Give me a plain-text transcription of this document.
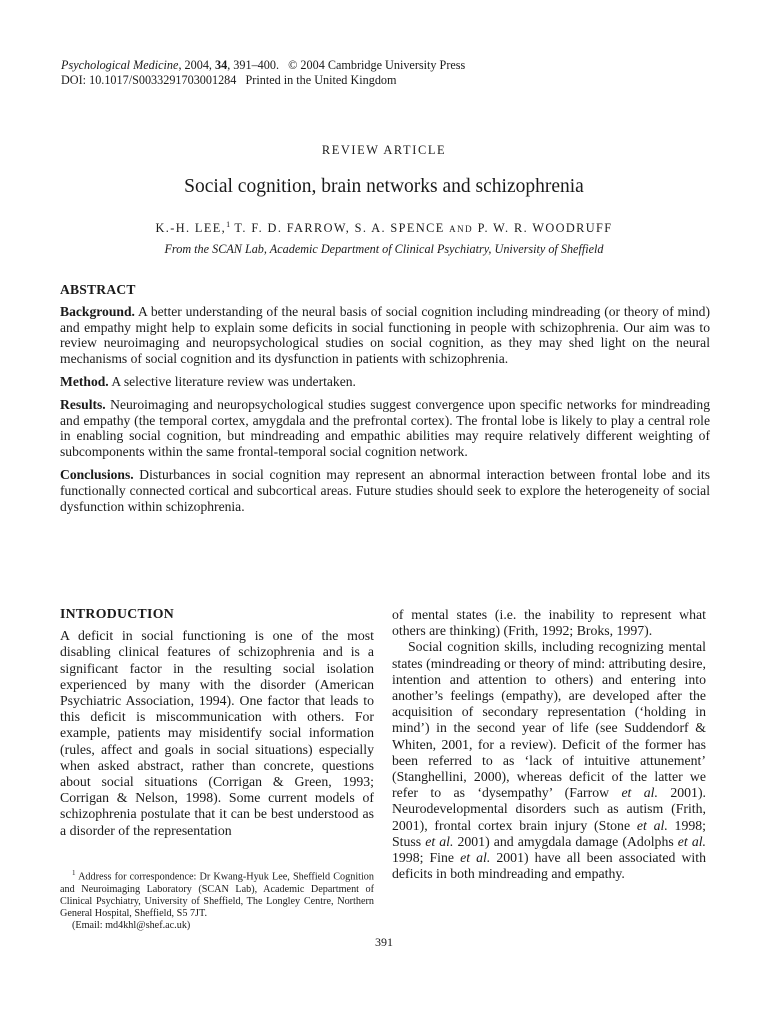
Psychological Medicine, 2004, 34, 391–400. © 2004 Cambridge University Press
DOI: 10.1017/S0033291703001284 Printed in the United Kingdom
REVIEW ARTICLE
Social cognition, brain networks and schizophrenia
K.-H. LEE,$^1$ T. F. D. FARROW, S. A. SPENCE AND P. W. R. WOODRUFF
From the SCAN Lab, Academic Department of Clinical Psychiatry, University of Sheffield
ABSTRACT

Background. A better understanding of the neural basis of social cognition including mindreading (or theory of mind) and empathy might help to explain some deficits in social functioning in people with schizophrenia. Our aim was to review neuroimaging and neuropsychological studies on social cognition, as they may shed light on the neural mechanisms of social cognition and its dysfunction in patients with schizophrenia.

Method. A selective literature review was undertaken.

Results. Neuroimaging and neuropsychological studies suggest convergence upon specific networks for mindreading and empathy (the temporal cortex, amygdala and the prefrontal cortex). The frontal lobe is likely to play a central role in enabling social cognition, but mindreading and empathic abilities may require relatively different weighting of subcomponents within the same frontal-temporal social cognition network.

Conclusions. Disturbances in social cognition may represent an abnormal interaction between frontal lobe and its functionally connected cortical and subcortical areas. Future studies should seek to explore the heterogeneity of social dysfunction within schizophrenia.

INTRODUCTION

A deficit in social functioning is one of the most disabling clinical features of schizophrenia and is a significant factor in the resulting social isolation experienced by many with the disorder (American Psychiatric Association, 1994). One factor that leads to this deficit is miscommunication with others. For example, patients may misidentify social information (rules, affect and goals in social situations) especially when asked abstract, rather than concrete, questions about social situations (Corrigan & Green, 1993; Corrigan & Nelson, 1998). Some current models of schizophrenia postulate that it can be best understood as a disorder of the representation

of mental states (i.e. the inability to represent what others are thinking) (Frith, 1992; Broks, 1997).

Social cognition skills, including recognizing mental states (mindreading or theory of mind: attributing desire, intention and attention to others) and entering into another’s feelings (empathy), are developed after the acquisition of secondary representation (‘holding in mind’) in the second year of life (see Suddendorf & Whiten, 2001, for a review). Deficit of the former has been referred to as ‘lack of intuitive attunement’ (Stanghellini, 2000), whereas deficit of the latter we refer to as ‘dysempathy’ (Farrow et al. 2001). Neurodevelopmental disorders such as autism (Frith, 2001), frontal cortex brain injury (Stone et al. 1998; Stuss et al. 2001) and amygdala damage (Adolphs et al. 1998; Fine et al. 2001) have all been associated with deficits in both mindreading and empathy.

$^1$ Address for correspondence: Dr Kwang-Hyuk Lee, Sheffield Cognition and Neuroimaging Laboratory (SCAN Lab), Academic Department of Clinical Psychiatry, University of Sheffield, The Longley Centre, Northern General Hospital, Sheffield, S5 7JT.
(Email: md4khl@shef.ac.uk)
391
